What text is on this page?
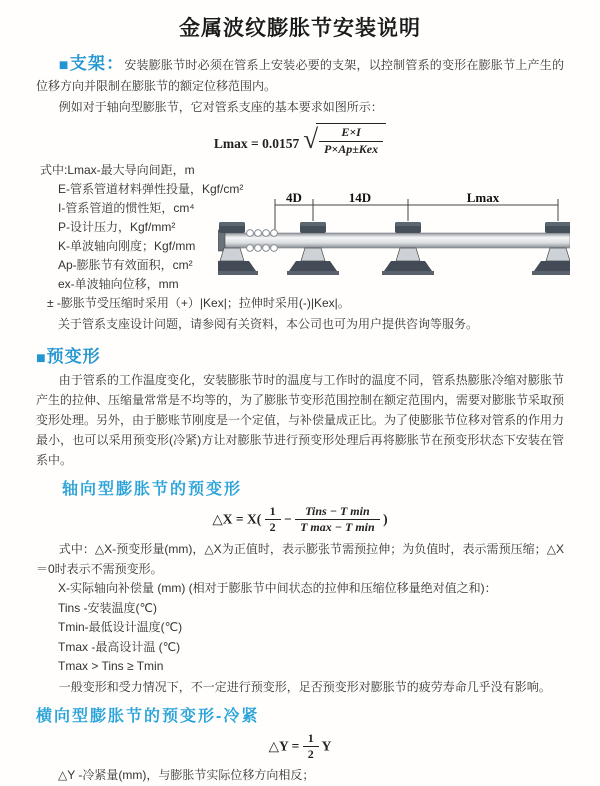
金属波纹膨胀节安装说明

■支架：安装膨胀节时必须在管系上安装必要的支架，以控制管系的变形在膨胀节上产生的位移方向并限制在膨胀节的额定位移范围内。

例如对于轴向型膨胀节，它对管系支座的基本要求如图所示：

Lmax = 0.0157 √ $\frac{E\times I}{\text{P×Ap±Kex}}$
式中:Lmax-最大导向间距，m
E-管系管道材料弹性投量，Kgf/cm²
I-管系管道的惯性矩，cm⁴
P-设计压力，Kgf/mm²
K-单波轴向刚度；Kgf/mm
Ap-膨胀节有效面积，cm²
ex-单波轴向位移，mm
± -膨胀节受压缩时采用（+）|Kex|；拉伸时采用(-)|Kex|。
关于管系支座设计问题，请参阅有关资料，本公司也可为用户提供咨询等服务。
4D	14D	Lmax
■预变形

由于管系的工作温度变化，安装膨胀节时的温度与工作时的温度不同，管系热膨胀冷缩对膨胀节产生的拉伸、压缩量常常是不均等的，为了膨胀节变形范围控制在额定范围内，需要对膨胀节采取预变形处理。另外，由于膨账节刚度是一个定值，与补偿量成正比。为了使膨胀节位移对管系的作用力最小，也可以采用预变形(冷紧)方让对膨胀节进行预变形处理后再将膨胀节在预变形状态下安装在管系中。

轴向型膨胀节的预变形
△X = $X( \frac{1}{2} - \frac{\text{Tins − T min}}{\text{T max − T min}}$ )

式中：△X-预变形量(mm)，△X为正值时，表示膨张节需预拉伸；为负值时，表示需预压缩；△X＝0时表示不需预变形。

X-实际轴向补偿量 (mm) (相对于膨胀节中间状态的拉伸和压缩位移量绝对值之和)：
Tins -安装温度(℃)
Tmin-最低设计温度(℃)
Tmax -最高设计温 (℃)
Tmax > Tins ≥ Tmin

一般变形和受力情况下，不一定进行预变形，足否预变形对膨胀节的疲劳寿命几乎没有影响。

横向型膨胀节的预变形-冷紧
△Y = $\frac{1}{2}$ Y
△Y -冷紧量(mm)，与膨胀节实际位移方向相反；
